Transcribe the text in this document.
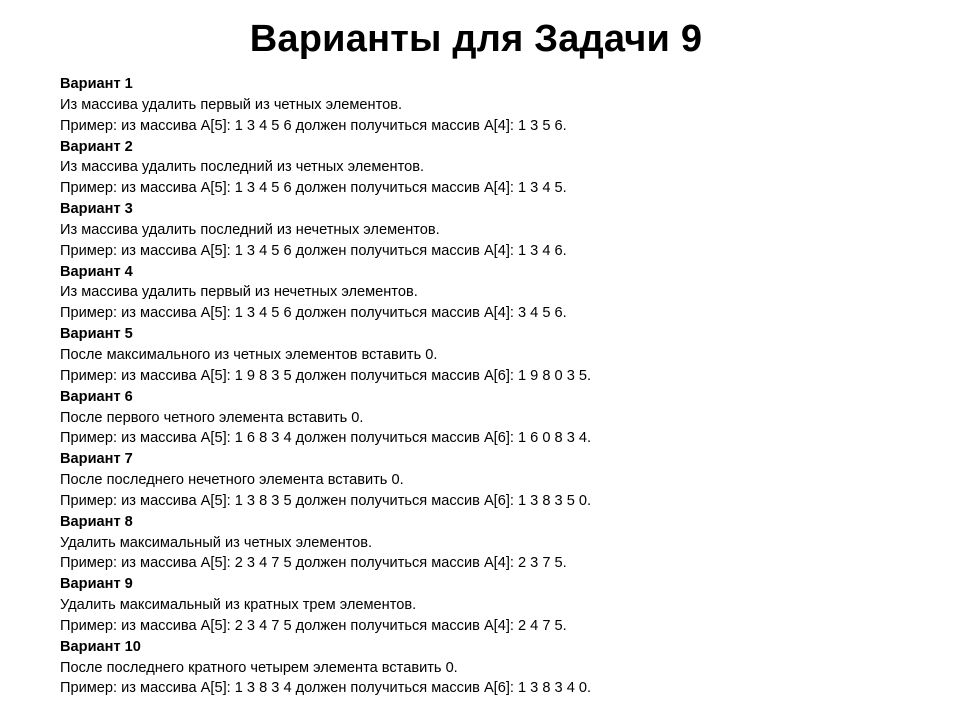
Варианты для Задачи 9
Вариант 1
Из массива удалить первый из четных элементов.
Пример: из массива A[5]: 1 3 4 5 6 должен получиться массив A[4]: 1 3 5 6.
Вариант 2
Из массива удалить последний из четных элементов.
Пример: из массива A[5]: 1 3 4 5 6 должен получиться массив A[4]: 1 3 4 5.
Вариант 3
Из массива удалить последний из нечетных элементов.
Пример: из массива A[5]: 1 3 4 5 6 должен получиться массив A[4]: 1 3 4 6.
Вариант 4
Из массива удалить первый из нечетных элементов.
Пример: из массива A[5]: 1 3 4 5 6 должен получиться массив A[4]: 3 4 5 6.
Вариант 5
После максимального из четных элементов вставить 0.
Пример: из массива A[5]: 1 9 8 3 5 должен получиться массив A[6]: 1 9 8 0 3 5.
Вариант 6
После первого четного элемента вставить 0.
Пример: из массива A[5]: 1 6 8 3 4 должен получиться массив A[6]: 1 6 0 8 3 4.
Вариант 7
После последнего нечетного элемента вставить 0.
Пример: из массива A[5]: 1 3 8 3 5 должен получиться массив A[6]: 1 3 8 3 5 0.
Вариант 8
Удалить максимальный из четных элементов.
Пример: из массива A[5]: 2 3 4 7 5 должен получиться массив A[4]: 2 3 7 5.
Вариант 9
Удалить максимальный из кратных трем элементов.
Пример: из массива A[5]: 2 3 4 7 5 должен получиться массив A[4]: 2 4 7 5.
Вариант 10
После последнего кратного четырем элемента вставить 0.
Пример: из массива A[5]: 1 3 8 3 4 должен получиться массив A[6]: 1 3 8 3 4 0.
